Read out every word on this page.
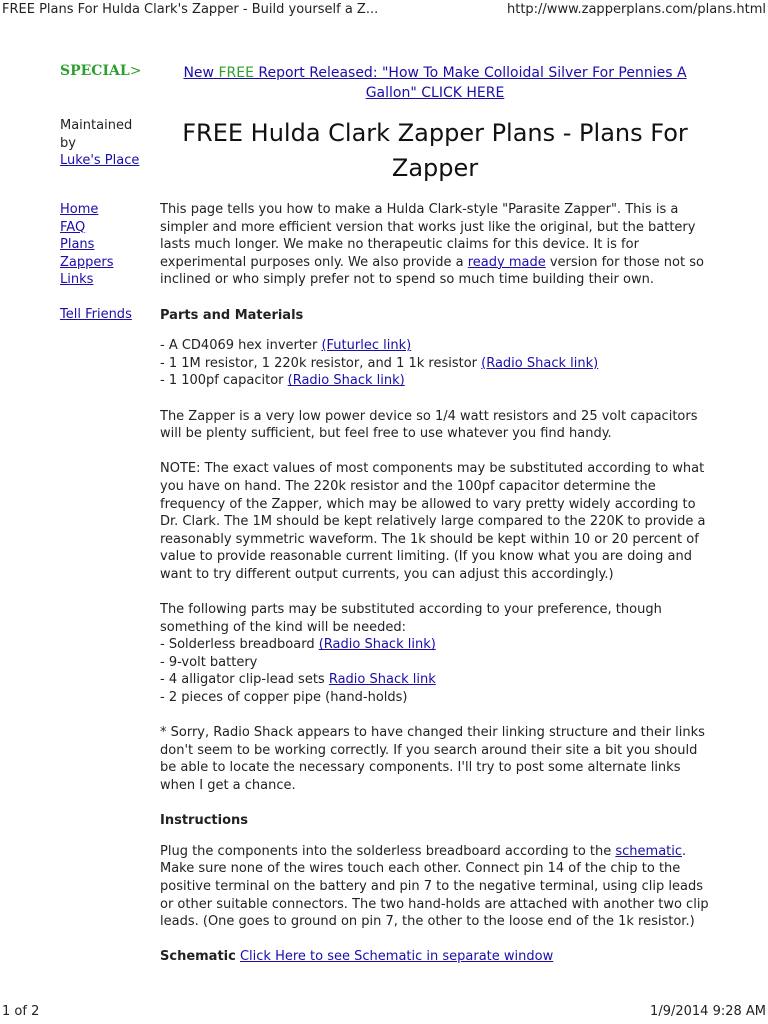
FREE Plans For Hulda Clark's Zapper - Build yourself a Z...	http://www.zapperplans.com/plans.html
SPECIAL>	New FREE Report Released: "How To Make Colloidal Silver For Pennies A Gallon" CLICK HERE
Maintained by
Luke's Place
FREE Hulda Clark Zapper Plans - Plans For Zapper
Home
FAQ
Plans
Zappers
Links
Tell Friends

This page tells you how to make a Hulda Clark-style "Parasite Zapper". This is a simpler and more efficient version that works just like the original, but the battery lasts much longer. We make no therapeutic claims for this device. It is for experimental purposes only. We also provide a ready made version for those not so inclined or who simply prefer not to spend so much time building their own.

Parts and Materials

- A CD4069 hex inverter (Futurlec link)
- 1 1M resistor, 1 220k resistor, and 1 1k resistor (Radio Shack link)
- 1 100pf capacitor (Radio Shack link)

The Zapper is a very low power device so 1/4 watt resistors and 25 volt capacitors will be plenty sufficient, but feel free to use whatever you find handy.

NOTE: The exact values of most components may be substituted according to what you have on hand. The 220k resistor and the 100pf capacitor determine the frequency of the Zapper, which may be allowed to vary pretty widely according to Dr. Clark. The 1M should be kept relatively large compared to the 220K to provide a reasonably symmetric waveform. The 1k should be kept within 10 or 20 percent of value to provide reasonable current limiting. (If you know what you are doing and want to try different output currents, you can adjust this accordingly.)

The following parts may be substituted according to your preference, though something of the kind will be needed:
- Solderless breadboard (Radio Shack link)
- 9-volt battery
- 4 alligator clip-lead sets Radio Shack link
- 2 pieces of copper pipe (hand-holds)

* Sorry, Radio Shack appears to have changed their linking structure and their links don't seem to be working correctly. If you search around their site a bit you should be able to locate the necessary components. I'll try to post some alternate links when I get a chance.

Instructions

Plug the components into the solderless breadboard according to the schematic. Make sure none of the wires touch each other. Connect pin 14 of the chip to the positive terminal on the battery and pin 7 to the negative terminal, using clip leads or other suitable connectors. The two hand-holds are attached with another two clip leads. (One goes to ground on pin 7, the other to the loose end of the 1k resistor.)

Schematic Click Here to see Schematic in separate window

1 of 2	1/9/2014 9:28 AM
